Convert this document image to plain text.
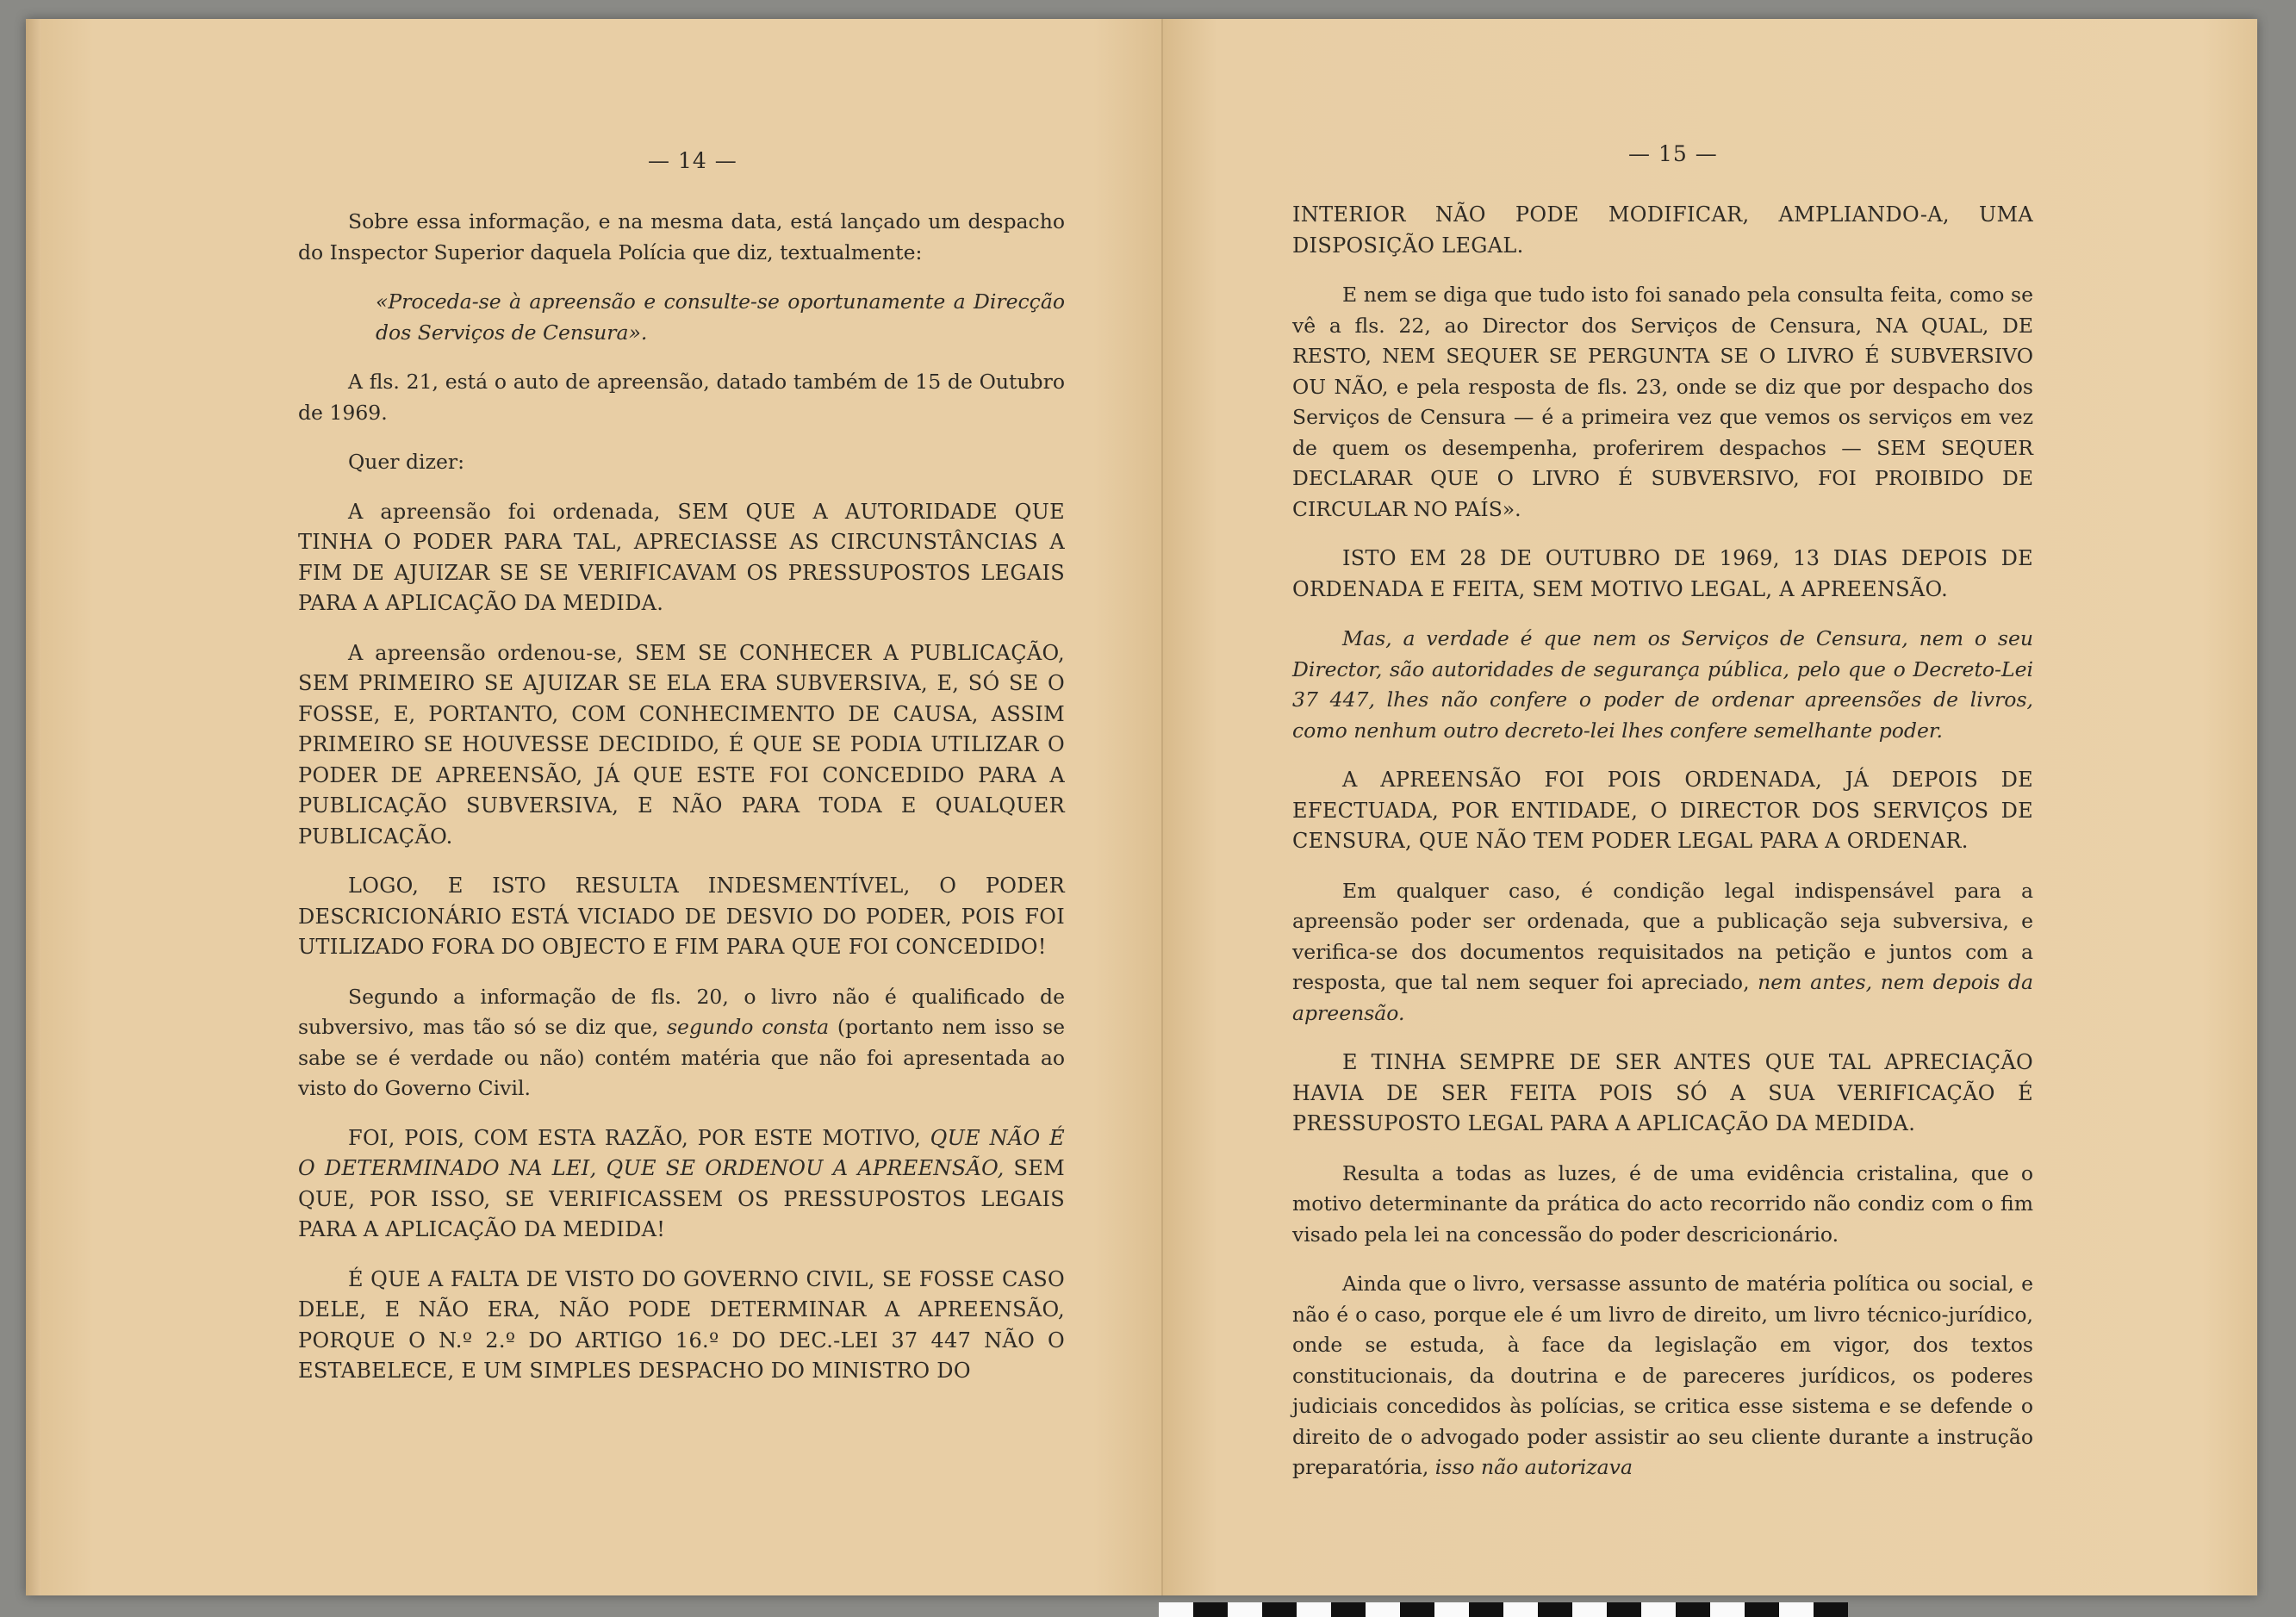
— 14 —

Sobre essa informação, e na mesma data, está lançado um despacho do Inspector Superior daquela Polícia que diz, textualmente:

«Proceda-se à apreensão e consulte-se oportunamente a Direcção dos Serviços de Censura».

A fls. 21, está o auto de apreensão, datado também de 15 de Outubro de 1969.

Quer dizer:

A apreensão foi ordenada, SEM QUE A AUTORIDADE QUE TINHA O PODER PARA TAL, APRECIASSE AS CIRCUNSTÂNCIAS A FIM DE AJUIZAR SE SE VERIFICAVAM OS PRESSUPOSTOS LEGAIS PARA A APLICAÇÃO DA MEDIDA.

A apreensão ordenou-se, SEM SE CONHECER A PUBLICAÇÃO, SEM PRIMEIRO SE AJUIZAR SE ELA ERA SUBVERSIVA, E, SÓ SE O FOSSE, E, PORTANTO, COM CONHECIMENTO DE CAUSA, ASSIM PRIMEIRO SE HOUVESSE DECIDIDO, É QUE SE PODIA UTILIZAR O PODER DE APREENSÃO, JÁ QUE ESTE FOI CONCEDIDO PARA A PUBLICAÇÃO SUBVERSIVA, E NÃO PARA TODA E QUALQUER PUBLICAÇÃO.

LOGO, E ISTO RESULTA INDESMENTÍVEL, O PODER DESCRICIONÁRIO ESTÁ VICIADO DE DESVIO DO PODER, POIS FOI UTILIZADO FORA DO OBJECTO E FIM PARA QUE FOI CONCEDIDO!

Segundo a informação de fls. 20, o livro não é qualificado de subversivo, mas tão só se diz que, segundo consta (portanto nem isso se sabe se é verdade ou não) contém matéria que não foi apresentada ao visto do Governo Civil.

FOI, POIS, COM ESTA RAZÃO, POR ESTE MOTIVO, QUE NÃO É O DETERMINADO NA LEI, QUE SE ORDENOU A APREENSÃO, SEM QUE, POR ISSO, SE VERIFICASSEM OS PRESSUPOSTOS LEGAIS PARA A APLICAÇÃO DA MEDIDA!

É QUE A FALTA DE VISTO DO GOVERNO CIVIL, SE FOSSE CASO DELE, E NÃO ERA, NÃO PODE DETERMINAR A APREENSÃO, PORQUE O N.º 2.º DO ARTIGO 16.º DO DEC.-LEI 37 447 NÃO O ESTABELECE, E UM SIMPLES DESPACHO DO MINISTRO DO

— 15 —

INTERIOR NÃO PODE MODIFICAR, AMPLIANDO-A, UMA DISPOSIÇÃO LEGAL.

E nem se diga que tudo isto foi sanado pela consulta feita, como se vê a fls. 22, ao Director dos Serviços de Censura, NA QUAL, DE RESTO, NEM SEQUER SE PERGUNTA SE O LIVRO É SUBVERSIVO OU NÃO, e pela resposta de fls. 23, onde se diz que por despacho dos Serviços de Censura — é a primeira vez que vemos os serviços em vez de quem os desempenha, proferirem despachos — SEM SEQUER DECLARAR QUE O LIVRO É SUBVERSIVO, FOI PROIBIDO DE CIRCULAR NO PAÍS».

ISTO EM 28 DE OUTUBRO DE 1969, 13 DIAS DEPOIS DE ORDENADA E FEITA, SEM MOTIVO LEGAL, A APREENSÃO.

Mas, a verdade é que nem os Serviços de Censura, nem o seu Director, são autoridades de segurança pública, pelo que o Decreto-Lei 37 447, lhes não confere o poder de ordenar apreensões de livros, como nenhum outro decreto-lei lhes confere semelhante poder.

A APREENSÃO FOI POIS ORDENADA, JÁ DEPOIS DE EFECTUADA, POR ENTIDADE, O DIRECTOR DOS SERVIÇOS DE CENSURA, QUE NÃO TEM PODER LEGAL PARA A ORDENAR.

Em qualquer caso, é condição legal indispensável para a apreensão poder ser ordenada, que a publicação seja subversiva, e verifica-se dos documentos requisitados na petição e juntos com a resposta, que tal nem sequer foi apreciado, nem antes, nem depois da apreensão.

E TINHA SEMPRE DE SER ANTES QUE TAL APRECIAÇÃO HAVIA DE SER FEITA POIS SÓ A SUA VERIFICAÇÃO É PRESSUPOSTO LEGAL PARA A APLICAÇÃO DA MEDIDA.

Resulta a todas as luzes, é de uma evidência cristalina, que o motivo determinante da prática do acto recorrido não condiz com o fim visado pela lei na concessão do poder descricionário.

Ainda que o livro, versasse assunto de matéria política ou social, e não é o caso, porque ele é um livro de direito, um livro técnico-jurídico, onde se estuda, à face da legislação em vigor, dos textos constitucionais, da doutrina e de pareceres jurídicos, os poderes judiciais concedidos às polícias, se critica esse sistema e se defende o direito de o advogado poder assistir ao seu cliente durante a instrução preparatória, isso não autorizava
